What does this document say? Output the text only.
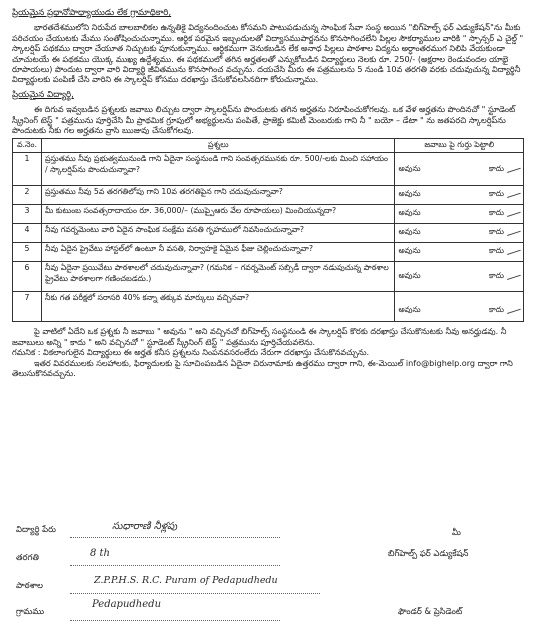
ప్రియమైన ప్రధానోపాధ్యాయుడు లేక గ్రామాధికారి,

భారతదేశములోని నిరుపేద బాలబాలికల ఉన్నతికై విద్యనందించుట కోసమని పాటుపడుచున్న సాంఘిక సేవా సంస్థ అయిన "బిగ్‌హెల్ప్ ఫర్ ఎడ్యుకేషన్"ను మీకు పరిచయం చేయుటకు మేము సంతోషించుచున్నాము. ఆర్థిక పరమైన ఇబ్బందులతో విద్యాసముపార్జనను కొనసాగించలేని పిల్లల సౌకర్యాముల వారికి " స్పాన్సర్ ఎ చైల్డ్ " స్కాలర్షిప్ పథకము ద్వారా చేయూత నిచ్చుటకు పూనుకున్నాము. ఆర్ధికముగా వెనుకబడిన లేక అనాధ పిల్లలు పాఠశాల విద్యను అర్ధాంతరముగ నిలిపి వేయకుండా చూచుటయే ఈ పథకము యొక్క ముఖ్య ఉద్దేశ్యము. ఈ పథకములో తగిన అర్హతలతో ఎన్నుకోబడిన విద్యార్థులు నెలకు రూ. 250/- (అక్షరాల రెండువందల యాభై రూపాయలు) పొందుట ద్వారా వారి విద్యార్థి జీవితమును కొనసాగించ వచ్చును. దయచేసి మీరు ఈ పత్రములను 5 నుండి 10వ తరగతి వరకు చదువుచున్న విద్యార్థినీ విద్యార్థులకు పంపిణీ చేసి వారిని ఈ స్కాలర్షిప్ కోసము దరఖాస్తు చేసుకోవలసినదిగా కోరుచున్నాము.

ప్రియమైన విద్యార్థి,

ఈ దిగువ ఇవ్వబడిన ప్రశ్నలకు జవాబు లిచ్చుట ద్వారా స్కాలర్షిప్‌ను పొందుటకు తగిన అర్హతను నిరూపించుకోగలవు. ఒక వేళ అర్హతను పొందినచో " స్టూడెంట్ స్క్రీనింగ్ టెస్ట్ " పత్రమును పూర్తిచేసి మీ ప్రాథమిక గ్రూపులో అభ్యర్థులను పంపితే, ప్రాజెక్టు కమిటీ మెంబరుకు గాని నీ " బయో – డేటా " ను జతపరచి స్కాలర్షిప్‌ను పొందుటకు నీకు గల అర్హతను వ్రాసి ఋజువు చేసుకోగలవు.

వ.నెం.	ప్రశ్నలు	జవాబు పై గుర్తు పెట్టాలి
1	ప్రస్తుతము నీవు ప్రభుత్వమునుండి గాని ఏదైనా సంస్థనుండి గాని సంవత్సరమునకు రూ. 500/-లకు మించి సహాయం / స్కాలర్షిప్‌ను పొందుచున్నావా?	అవును కాదు

2	ప్రస్తుతము నీవు 5వ తరగతిలోపు గాని 10వ తరగతిపైన గాని చదువుచున్నావా?	అవును కాదు

3	మీ కుటుంబ సంవత్సరాదాయం రూ. 36,000/– (ముప్పైఆరు వేల రూపాయలు) మించియున్నదా?	అవును కాదు

4	నీవు గవర్నమెంటు వారి ఏదైన సాంఘిక సంక్షేమ వసతి గృహములో నివసించుచున్నావా?	అవును కాదు

5	నీవు ఏదైన ప్రైవేటు హాస్టల్‌లో ఉంటూ నీ వసతి, నిర్వాహకై ఏమైన ఫీజు చెల్లించుచున్నావా?	అవును కాదు

6	నీవు ఏదైనా ప్రయివేటు పాఠశాలలో చదువుచున్నావా? (గమనిక – గవర్నమెంట్ సబ్సిడీ ద్వారా నడుపుచున్న పాఠశాల ప్రైవేటు పాఠశాలగా గణించబడదు.)	అవును కాదు

7	నీకు గత పరీక్షలో సరాసరి 40% కన్నా తక్కువ మార్కులు వచ్చినవా?	అవును కాదు

పై వాటిలో ఏదేని ఒక ప్రశ్నకు నీ జవాబు " అవును " అని వచ్చినచో బిగ్‌హెల్ప్ సంస్థనుండి ఈ స్కాలర్షిప్ కొరకు దరఖాస్తు చేసుకొనుటకు నీవు అనర్హుడవు. నీ జవాబులు అన్ని " కాదు " అని వచ్చినచో " స్టూడెంట్ స్క్రీనింగ్ టెస్ట్ " పత్రమును పూర్తిచేయవలెను.

గమనిక : వికలాంగులైన విద్యార్థులు ఈ అర్హత కనీస ప్రశ్నలను నింపనవసరంలేదు నేరుగా దరఖాస్తు చేసుకొనవచ్చును.

ఇతర వివరములకు సలహాలకు, ఫిర్యాదులకు పై సూచింపబడిన ఏదైనా చిరునామాకు ఉత్తరము ద్వారా గాని, ఈ-మెయిల్ info@bighelp.org ద్వారా గాని తెలుసుకొనవచ్చును.

విద్యార్థి పేరు	సుధారాణి నీళ్లపు
తరగతి	8 th
పాఠశాల	Z.P.P.H.S. R.C. Puram of Pedapudhedu
గ్రామము
Pedapudhedu
మీ
బిగ్‌హెల్ప్ ఫర్ ఎడ్యుకేషన్
ఫౌండర్ & ప్రెసిడెంట్
